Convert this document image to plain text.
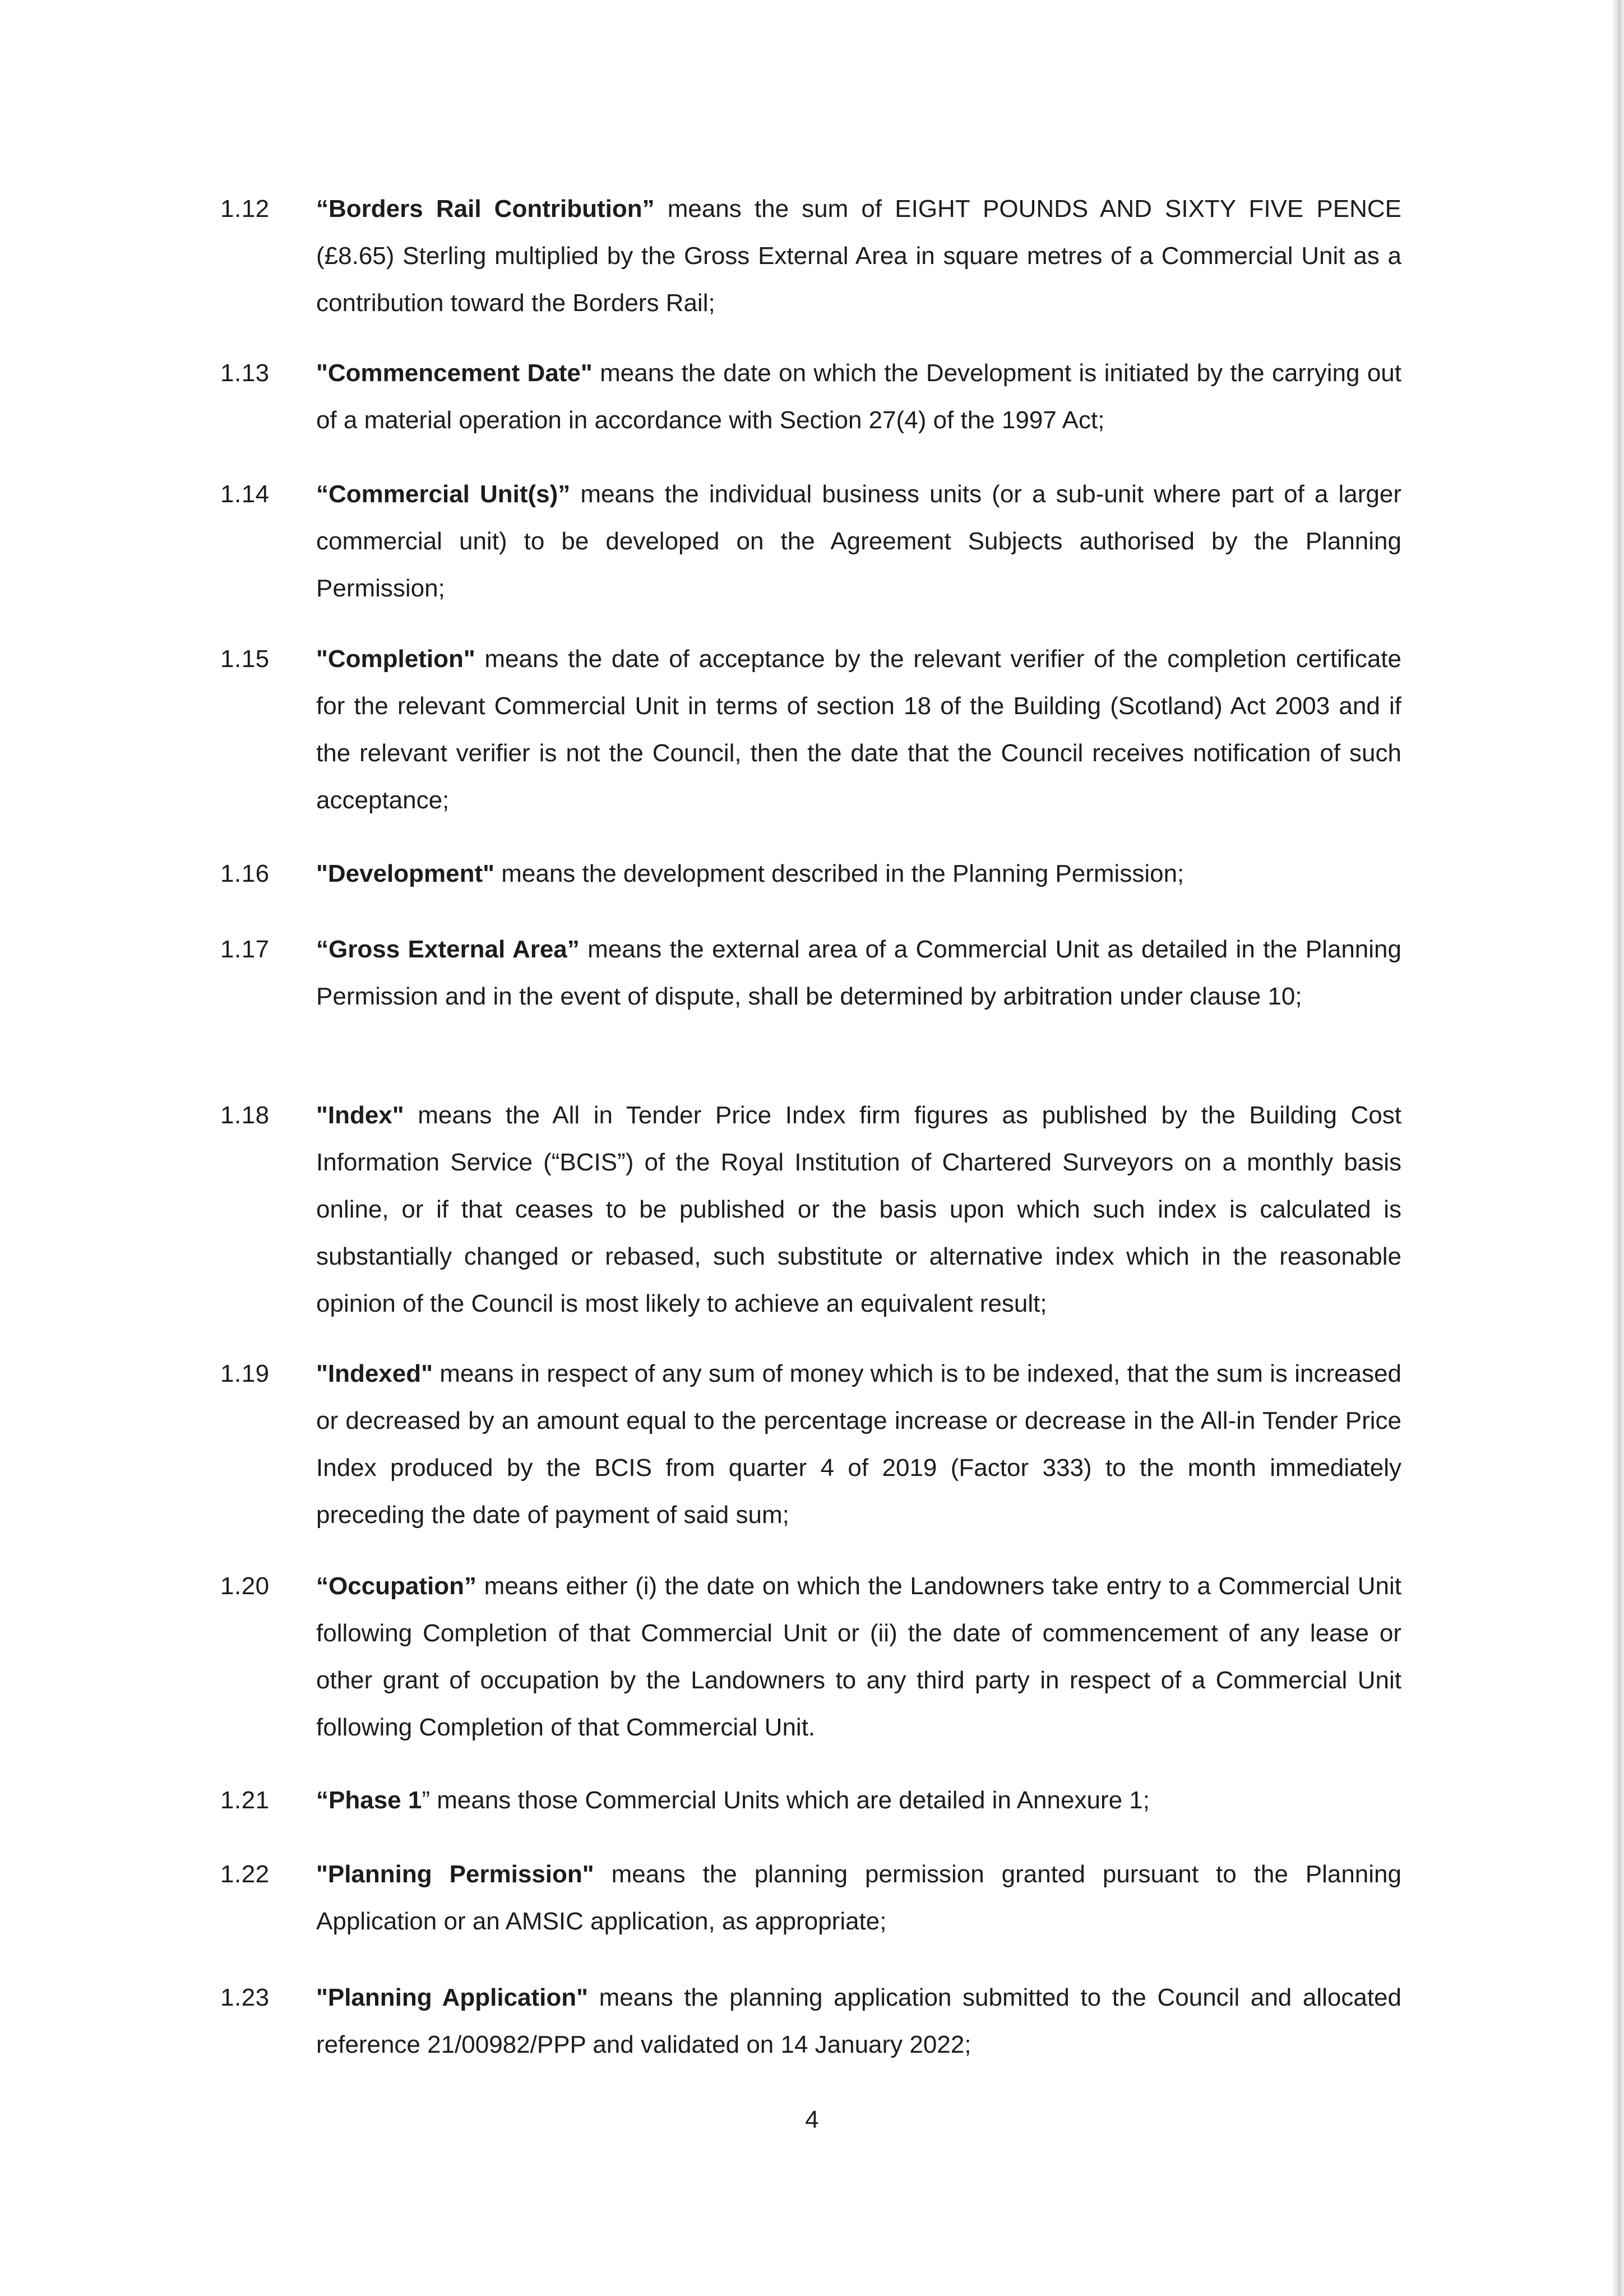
1.12 “Borders Rail Contribution” means the sum of EIGHT POUNDS AND SIXTY FIVE PENCE (£8.65) Sterling multiplied by the Gross External Area in square metres of a Commercial Unit as a contribution toward the Borders Rail;
1.13 "Commencement Date" means the date on which the Development is initiated by the carrying out of a material operation in accordance with Section 27(4) of the 1997 Act;
1.14 “Commercial Unit(s)” means the individual business units (or a sub-unit where part of a larger commercial unit) to be developed on the Agreement Subjects authorised by the Planning Permission;
1.15 "Completion" means the date of acceptance by the relevant verifier of the completion certificate for the relevant Commercial Unit in terms of section 18 of the Building (Scotland) Act 2003 and if the relevant verifier is not the Council, then the date that the Council receives notification of such acceptance;
1.16 "Development" means the development described in the Planning Permission;
1.17 “Gross External Area” means the external area of a Commercial Unit as detailed in the Planning Permission and in the event of dispute, shall be determined by arbitration under clause 10;
1.18 "Index" means the All in Tender Price Index firm figures as published by the Building Cost Information Service (“BCIS”) of the Royal Institution of Chartered Surveyors on a monthly basis online, or if that ceases to be published or the basis upon which such index is calculated is substantially changed or rebased, such substitute or alternative index which in the reasonable opinion of the Council is most likely to achieve an equivalent result;
1.19 "Indexed" means in respect of any sum of money which is to be indexed, that the sum is increased or decreased by an amount equal to the percentage increase or decrease in the All-in Tender Price Index produced by the BCIS from quarter 4 of 2019 (Factor 333) to the month immediately preceding the date of payment of said sum;
1.20 “Occupation” means either (i) the date on which the Landowners take entry to a Commercial Unit following Completion of that Commercial Unit or (ii) the date of commencement of any lease or other grant of occupation by the Landowners to any third party in respect of a Commercial Unit following Completion of that Commercial Unit.
1.21 “Phase 1” means those Commercial Units which are detailed in Annexure 1;
1.22 "Planning Permission" means the planning permission granted pursuant to the Planning Application or an AMSIC application, as appropriate;
1.23 "Planning Application" means the planning application submitted to the Council and allocated reference 21/00982/PPP and validated on 14 January 2022;
4
